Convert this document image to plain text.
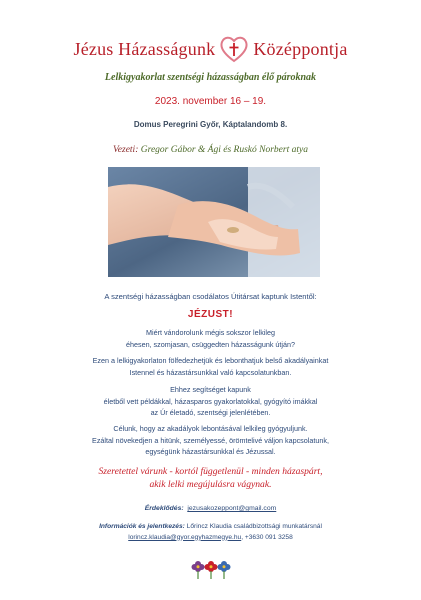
Jézus Házasságunk Középpontja
Lelkigyakorlat szentségi házasságban élő pároknak
2023. november 16 – 19.
Domus Peregrini Győr, Káptalandomb 8.
Vezeti: Gregor Gábor & Ági és Ruskó Norbert atya
A szentségi házasságban csodálatos Útitársat kaptunk Istentől:
JÉZUST!
Miért vándorolunk mégis sokszor lelkileg
éhesen, szomjasan, csüggedten házasságunk útján?
Ezen a lelkigyakorlaton fölfedezhetjük és lebonthatjuk belső akadályainkat
Istennel és házastársunkkal való kapcsolatunkban.
Ehhez segítséget kapunk
életből vett példákkal, házasparos gyakorlatokkal, gyógyító imákkal
az Úr életadó, szentségi jelenlétében.
Célunk, hogy az akadályok lebontásával lelkileg gyógyuljunk.
Ezáltal növekedjen a hitünk, személyessé, örömtelivé váljon kapcsolatunk,
egységünk házastársunkkal és Jézussal.
Szeretettel várunk - kortól függetlenül - minden házaspárt,
akik lelki megújulásra vágynak.
Érdeklődés: jezusakozeppont@gmail.com
Információk és jelentkezés: Lőrincz Klaudia családbizottsági munkatársnál
lorincz.klaudia@gyor.egyhazmegye.hu, +3630 091 3258
